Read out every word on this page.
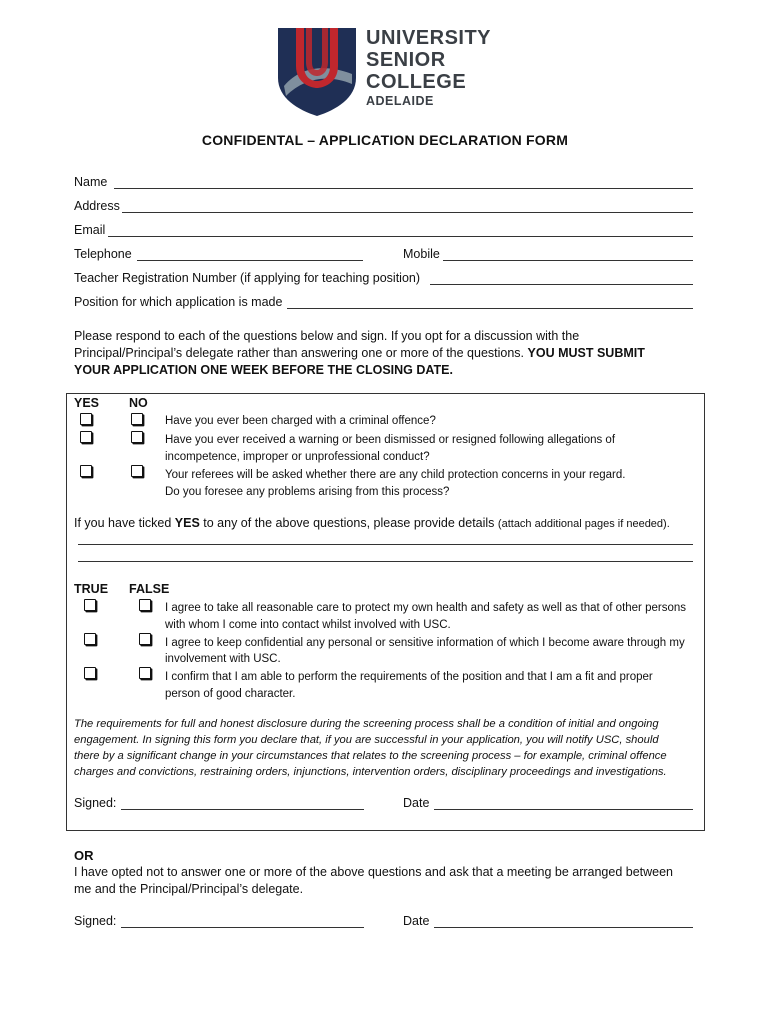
UNIVERSITY
SENIOR
COLLEGE
ADELAIDE
CONFIDENTAL – APPLICATION DECLARATION FORM
Name
Address
Email
Telephone	Mobile
Teacher Registration Number (if applying for teaching position)
Position for which application is made
Please respond to each of the questions below and sign. If you opt for a discussion with the
Principal/Principal’s delegate rather than answering one or more of the questions. YOU MUST SUBMIT
YOUR APPLICATION ONE WEEK BEFORE THE CLOSING DATE.
YES NO
Have you ever been charged with a criminal offence?
Have you ever received a warning or been dismissed or resigned following allegations of
incompetence, improper or unprofessional conduct?
Your referees will be asked whether there are any child protection concerns in your regard.
Do you foresee any problems arising from this process?
If you have ticked YES to any of the above questions, please provide details (attach additional pages if needed).
TRUE FALSE
I agree to take all reasonable care to protect my own health and safety as well as that of other persons
with whom I come into contact whilst involved with USC.
I agree to keep confidential any personal or sensitive information of which I become aware through my
involvement with USC.
I confirm that I am able to perform the requirements of the position and that I am a fit and proper
person of good character.
The requirements for full and honest disclosure during the screening process shall be a condition of initial and ongoing
engagement. In signing this form you declare that, if you are successful in your application, you will notify USC, should
there by a significant change in your circumstances that relates to the screening process – for example, criminal offence
charges and convictions, restraining orders, injunctions, intervention orders, disciplinary proceedings and investigations.
Signed:	Date
OR
I have opted not to answer one or more of the above questions and ask that a meeting be arranged between
me and the Principal/Principal’s delegate.
Signed:	Date
